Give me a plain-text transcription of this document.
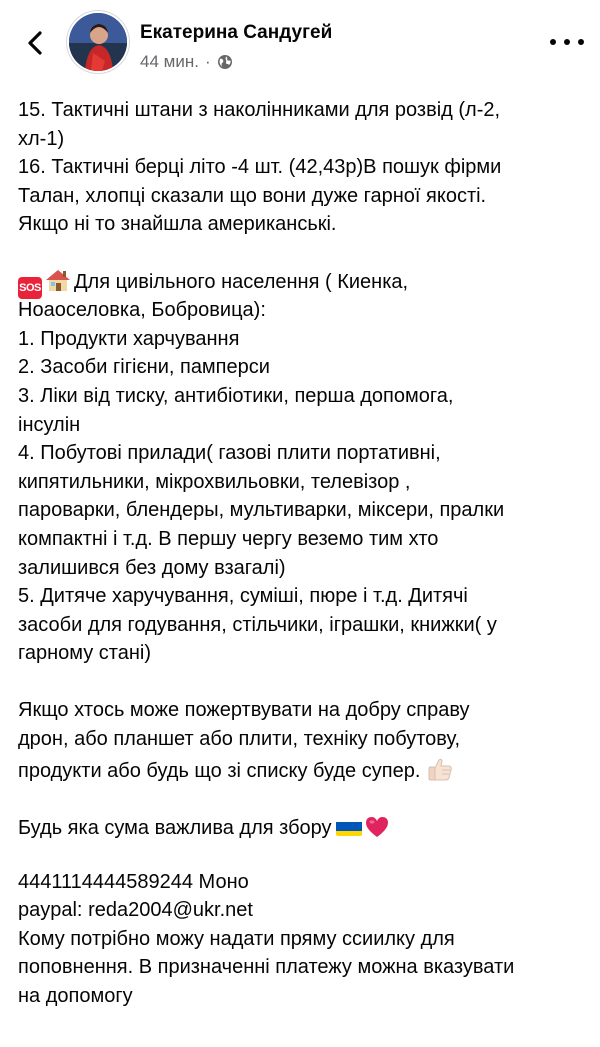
Екатерина Сандугей
44 мин. ·
15. Тактичні штани з наколінниками для розвід (л-2,
хл-1)
16. Тактичні берці літо -4 шт. (42,43р)В пошук фірми
Талан, хлопці сказали що вони дуже гарної якості.
Якщо ні то знайшла американські.
SOS Для цивільного населення ( Киенка,
Ноаоселовка, Бобровица):
1. Продукти харчування
2. Засоби гігієни, памперси
3. Ліки від тиску, антибіотики, перша допомога,
інсулін
4. Побутові прилади( газові плити портативні,
кипятильники, мікрохвильовки, телевізор ,
пароварки, блендеры, мультиварки, міксери, пралки
компактні і т.д. В першу чергу веземо тим хто
залишився без дому взагалі)
5. Дитяче харучування, суміші, пюре і т.д. Дитячі
засоби для годування, стільчики, іграшки, книжки( у
гарному стані)
Якщо хтось може пожертвувати на добру справу
дрон, або планшет або плити, техніку побутову,
продукти або будь що зі списку буде супер.
Будь яка сума важлива для збору
4441114444589244 Моно
paypal: reda2004@ukr.net
Кому потрібно можу надати пряму ссиилку для
поповнення. В призначенні платежу можна вказувати
на допомогу
